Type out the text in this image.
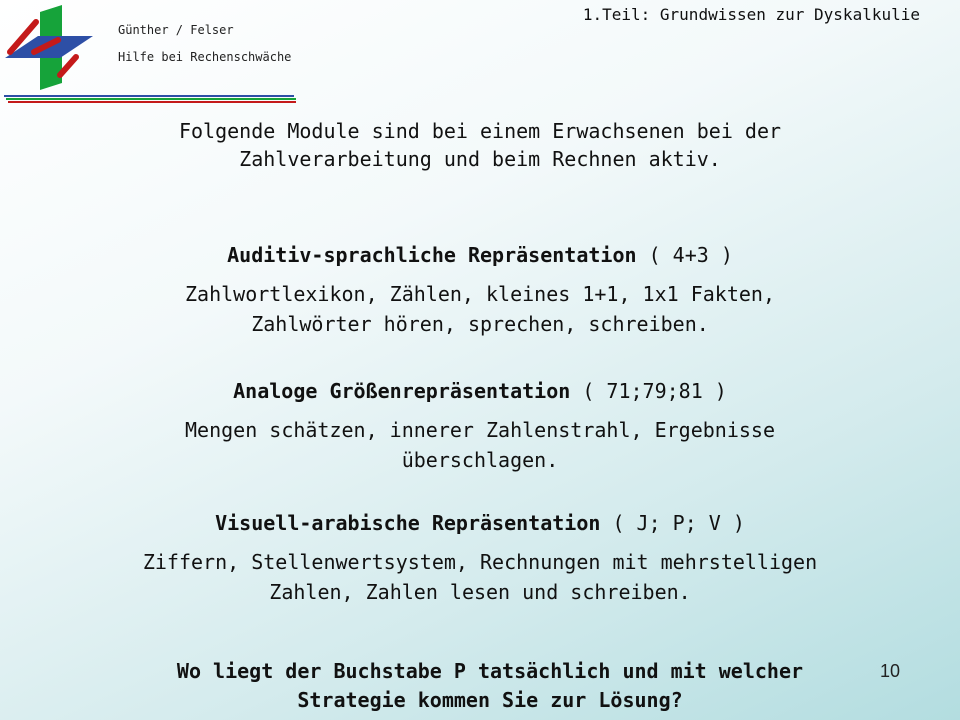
Günther / Felser
Hilfe bei Rechenschwäche
1.Teil: Grundwissen zur Dyskalkulie
Folgende Module sind bei einem Erwachsenen bei der
Zahlverarbeitung und beim Rechnen aktiv.
Auditiv-sprachliche Repräsentation ( 4+3 )
Zahlwortlexikon, Zählen, kleines 1+1, 1x1 Fakten,
Zahlwörter hören, sprechen, schreiben.
Analoge Größenrepräsentation ( 71;79;81 )
Mengen schätzen, innerer Zahlenstrahl, Ergebnisse
überschlagen.
Visuell-arabische Repräsentation ( J; P; V )
Ziffern, Stellenwertsystem, Rechnungen mit mehrstelligen
Zahlen, Zahlen lesen und schreiben.
Wo liegt der Buchstabe P tatsächlich und mit welcher
Strategie kommen Sie zur Lösung?
10
